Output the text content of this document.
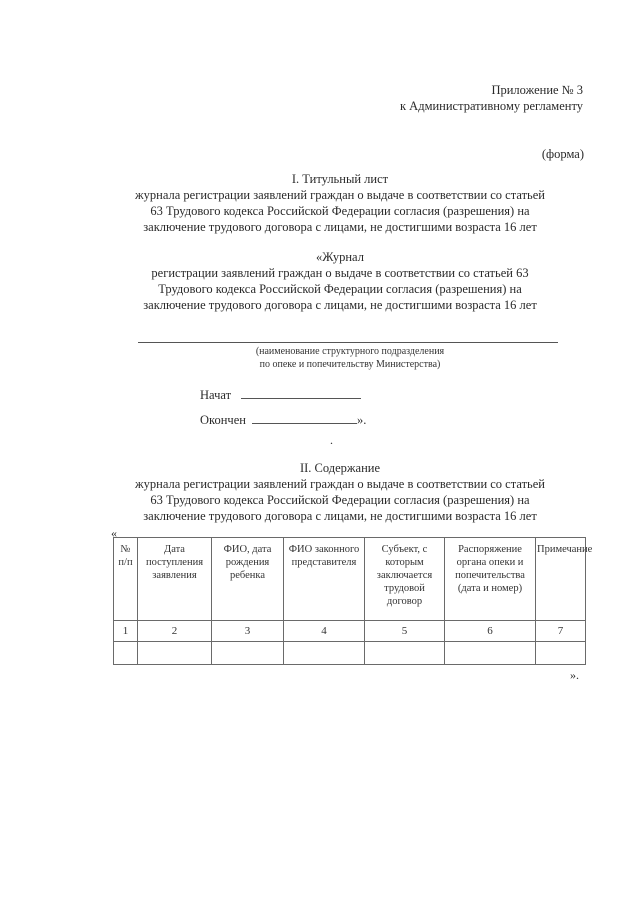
Приложение № 3
к Административному регламенту
(форма)
I. Титульный лист
журнала регистрации заявлений граждан о выдаче в соответствии со статьей
63 Трудового кодекса Российской Федерации согласия (разрешения) на
заключение трудового договора с лицами, не достигшими возраста 16 лет
«Журнал
регистрации заявлений граждан о выдаче в соответствии со статьей 63
Трудового кодекса Российской Федерации согласия (разрешения) на
заключение трудового договора с лицами, не достигшими возраста 16 лет
(наименование структурного подразделения
по опеке и попечительству Министерства)
Начат
Окончен	».
.
II. Содержание
журнала регистрации заявлений граждан о выдаче в соответствии со статьей
63 Трудового кодекса Российской Федерации согласия (разрешения) на
заключение трудового договора с лицами, не достигшими возраста 16 лет
«
№ п/п	Дата поступления заявления	ФИО, дата рождения ребенка	ФИО законного представителя	Субъект, с которым заключается трудовой договор	Распоряжение органа опеки и попечительства (дата и номер)	Примечание
1	2	3	4	5	6	7

».
